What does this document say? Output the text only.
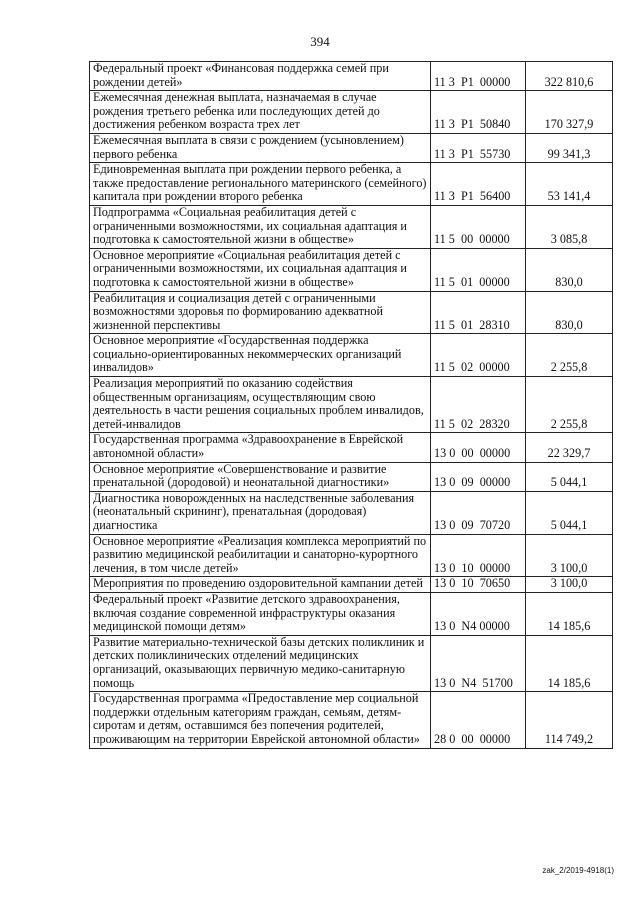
394
Федеральный проект «Финансовая поддержка семей при рождении детей»	11 3  P1  00000	322 810,6
Ежемесячная денежная выплата, назначаемая в случае рождения третьего ребенка или последующих детей до достижения ребенком возраста трех лет	11 3  P1  50840	170 327,9
Ежемесячная выплата в связи с рождением (усыновлением) первого ребенка	11 3  P1  55730	99 341,3
Единовременная выплата при рождении первого ребенка, а также предоставление регионального материнского (семейного) капитала при рождении второго ребенка	11 3  P1  56400	53 141,4
Подпрограмма «Социальная реабилитация детей с ограниченными возможностями, их социальная адаптация и подготовка к самостоятельной жизни в обществе»	11 5  00  00000	3 085,8
Основное мероприятие «Социальная реабилитация детей с ограниченными возможностями, их социальная адаптация и подготовка к самостоятельной жизни в обществе»	11 5  01  00000	830,0
Реабилитация и социализация детей с ограниченными возможностями здоровья по формированию адекватной жизненной перспективы	11 5  01  28310	830,0
Основное мероприятие «Государственная поддержка социально-ориентированных некоммерческих организаций инвалидов»	11 5  02  00000	2 255,8
Реализация мероприятий по оказанию содействия общественным организациям, осуществляющим свою деятельность в части решения социальных проблем инвалидов, детей-инвалидов	11 5  02  28320	2 255,8
Государственная программа «Здравоохранение в Еврейской автономной области»	13 0  00  00000	22 329,7
Основное мероприятие «Совершенствование и развитие пренатальной (дородовой) и неонатальной диагностики»	13 0  09  00000	5 044,1
Диагностика новорожденных на наследственные заболевания (неонатальный скрининг), пренатальная (дородовая) диагностика	13 0  09  70720	5 044,1
Основное мероприятие «Реализация комплекса мероприятий по развитию медицинской реабилитации и санаторно-курортного лечения, в том числе детей»	13 0  10  00000	3 100,0
Мероприятия по проведению оздоровительной кампании детей	13 0  10  70650	3 100,0
Федеральный проект «Развитие детского здравоохранения, включая создание современной инфраструктуры оказания медицинской помощи детям»	13 0  N4 00000	14 185,6
Развитие материально-технической базы детских поликлиник и детских поликлинических отделений медицинских организаций, оказывающих первичную медико-санитарную помощь	13 0  N4  51700	14 185,6
Государственная программа «Предоставление мер социальной поддержки отдельным категориям граждан, семьям, детям-сиротам и детям, оставшимся без попечения родителей, проживающим на территории Еврейской автономной области»	28 0  00  00000	114 749,2
zak_2/2019-4918(1)
